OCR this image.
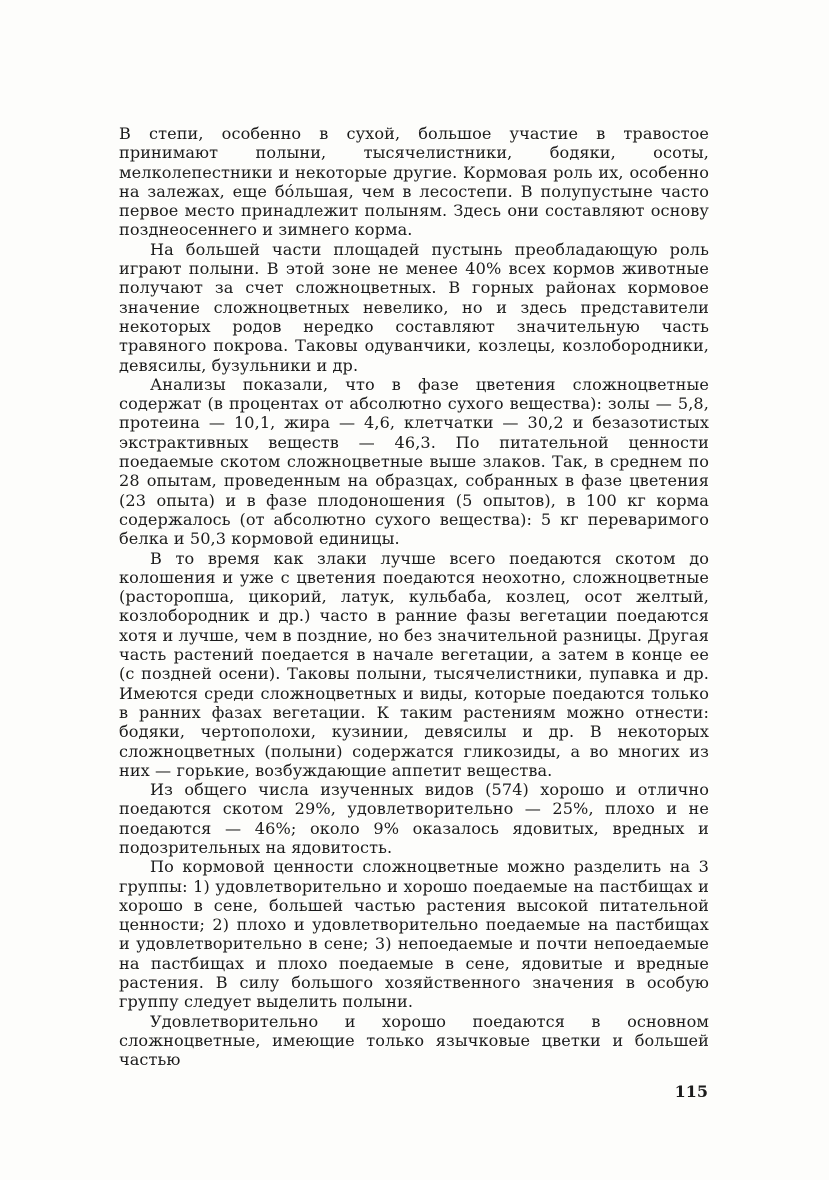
В степи, особенно в сухой, большое участие в травостое принимают полыни, тысячелистники, бодяки, осоты, мелколепестники и некоторые другие. Кормовая роль их, особенно на залежах, еще бо́льшая, чем в лесостепи. В полупустыне часто первое место принадлежит полыням. Здесь они составляют основу позднеосеннего и зимнего корма.

На большей части площадей пустынь преобладающую роль играют полыни. В этой зоне не менее 40% всех кормов животные получают за счет сложноцветных. В горных районах кормовое значение сложноцветных невелико, но и здесь представители некоторых родов нередко составляют значительную часть травяного покрова. Таковы одуванчики, козлецы, козлобородники, девясилы, бузульники и др.

Анализы показали, что в фазе цветения сложноцветные содержат (в процентах от абсолютно сухого вещества): золы — 5,8, протеина — 10,1, жира — 4,6, клетчатки — 30,2 и безазотистых экстрактивных веществ — 46,3. По питательной ценности поедаемые скотом сложноцветные выше злаков. Так, в среднем по 28 опытам, проведенным на образцах, собранных в фазе цветения (23 опыта) и в фазе плодоношения (5 опытов), в 100 кг корма содержалось (от абсолютно сухого вещества): 5 кг переваримого белка и 50,3 кормовой единицы.

В то время как злаки лучше всего поедаются скотом до колошения и уже с цветения поедаются неохотно, сложноцветные (расторопша, цикорий, латук, кульбаба, козлец, осот желтый, козлобородник и др.) часто в ранние фазы вегетации поедаются хотя и лучше, чем в поздние, но без значительной разницы. Другая часть растений поедается в начале вегетации, а затем в конце ее (с поздней осени). Таковы полыни, тысячелистники, пупавка и др. Имеются среди сложноцветных и виды, которые поедаются только в ранних фазах вегетации. К таким растениям можно отнести: бодяки, чертополохи, кузинии, девясилы и др. В некоторых сложноцветных (полыни) содержатся гликозиды, а во многих из них — горькие, возбуждающие аппетит вещества.

Из общего числа изученных видов (574) хорошо и отлично поедаются скотом 29%, удовлетворительно — 25%, плохо и не поедаются — 46%; около 9% оказалось ядовитых, вредных и подозрительных на ядовитость.

По кормовой ценности сложноцветные можно разделить на 3 группы: 1) удовлетворительно и хорошо поедаемые на пастбищах и хорошо в сене, большей частью растения высокой питательной ценности; 2) плохо и удовлетворительно поедаемые на пастбищах и удовлетворительно в сене; 3) непоедаемые и почти непоедаемые на пастбищах и плохо поедаемые в сене, ядовитые и вредные растения. В силу большого хозяйственного значения в особую группу следует выделить полыни.

Удовлетворительно и хорошо поедаются в основном сложноцветные, имеющие только язычковые цветки и большей частью

115
